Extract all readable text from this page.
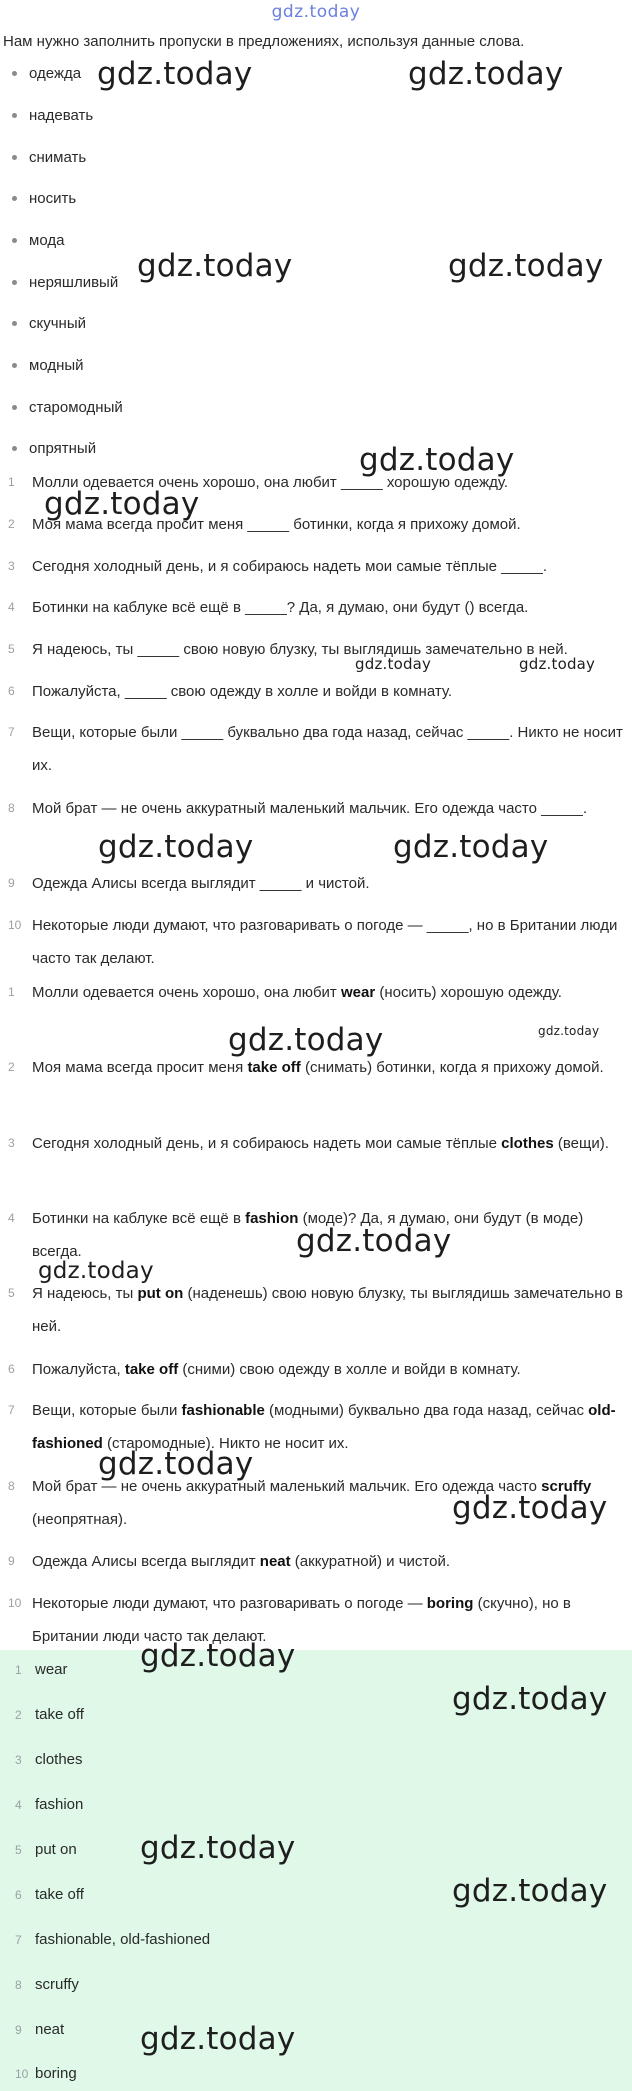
gdz.today
Нам нужно заполнить пропуски в предложениях, используя данные слова.
одежда
надевать
снимать
носить
мода
неряшливый
скучный
модный
старомодный
опрятный
1	Молли одевается очень хорошо, она любит _____ хорошую одежду.
2	Моя мама всегда просит меня _____ ботинки, когда я прихожу домой.
3	Сегодня холодный день, и я собираюсь надеть мои самые тёплые _____.
4	Ботинки на каблуке всё ещё в _____? Да, я думаю, они будут () всегда.
5	Я надеюсь, ты _____ свою новую блузку, ты выглядишь замечательно в ней.
6	Пожалуйста, _____ свою одежду в холле и войди в комнату.
7	Вещи, которые были _____ буквально два года назад, сейчас _____. Никто не носит их.
8	Мой брат — не очень аккуратный маленький мальчик. Его одежда часто _____.
9	Одежда Алисы всегда выглядит _____ и чистой.
10 Некоторые люди думают, что разговаривать о погоде — _____, но в Британии люди часто так делают.
1	Молли одевается очень хорошо, она любит wear (носить) хорошую одежду.
2	Моя мама всегда просит меня take off (снимать) ботинки, когда я прихожу домой.
3	Сегодня холодный день, и я собираюсь надеть мои самые тёплые clothes (вещи).
4	Ботинки на каблуке всё ещё в fashion (моде)? Да, я думаю, они будут (в моде) всегда.
5	Я надеюсь, ты put on (наденешь) свою новую блузку, ты выглядишь замечательно в ней.
6	Пожалуйста, take off (сними) свою одежду в холле и войди в комнату.
7	Вещи, которые были fashionable (модными) буквально два года назад, сейчас old-fashioned (старомодные). Никто не носит их.
8	Мой брат — не очень аккуратный маленький мальчик. Его одежда часто scruffy (неопрятная).
9	Одежда Алисы всегда выглядит neat (аккуратной) и чистой.
10 Некоторые люди думают, что разговаривать о погоде — boring (скучно), но в Британии люди часто так делают.
1 wear
2 take off
3 clothes
4 fashion
5 put on
6 take off
7 fashionable, old-fashioned
8 scruffy
9 neat
10 boring
gdz.today	gdz.today
gdz.today	gdz.today
gdz.today
gdz.today
gdz.today	gdz.today
gdz.today	gdz.today
gdz.today	gdz.today
gdz.today
gdz.today
gdz.today
gdz.today
gdz.today
gdz.today
gdz.today
gdz.today
gdz.today
